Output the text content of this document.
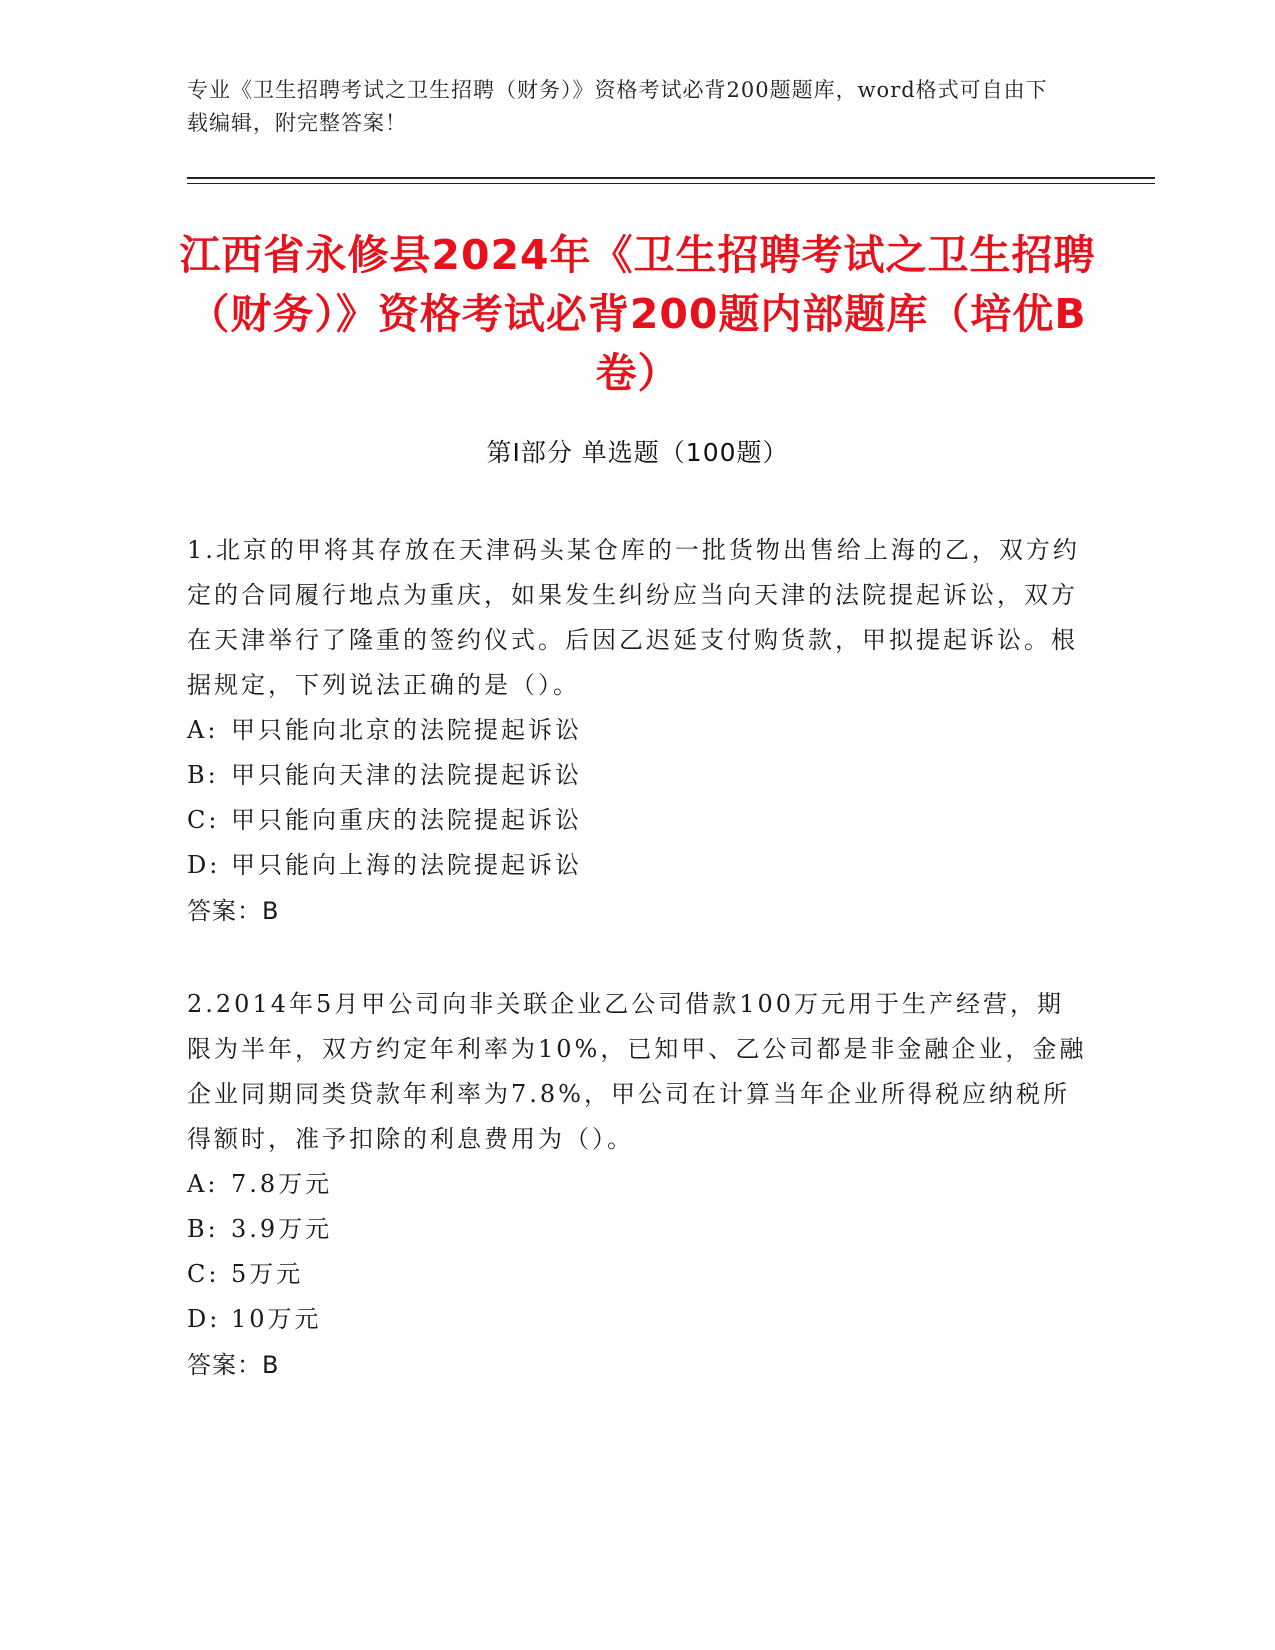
专业《卫生招聘考试之卫生招聘（财务）》资格考试必背200题题库，word格式可自由下载编辑，附完整答案！
江西省永修县2024年《卫生招聘考试之卫生招聘（财务）》资格考试必背200题内部题库（培优B卷）
第Ⅰ部分 单选题（100题）

1.北京的甲将其存放在天津码头某仓库的一批货物出售给上海的乙，双方约定的合同履行地点为重庆，如果发生纠纷应当向天津的法院提起诉讼，双方在天津举行了隆重的签约仪式。后因乙迟延支付购货款，甲拟提起诉讼。根据规定，下列说法正确的是（）。

A: 甲只能向北京的法院提起诉讼

B: 甲只能向天津的法院提起诉讼

C: 甲只能向重庆的法院提起诉讼

D: 甲只能向上海的法院提起诉讼

答案：B

2.2014年5月甲公司向非关联企业乙公司借款100万元用于生产经营，期限为半年，双方约定年利率为10%，已知甲、乙公司都是非金融企业，金融企业同期同类贷款年利率为7.8%，甲公司在计算当年企业所得税应纳税所得额时，准予扣除的利息费用为（）。

A: 7.8万元

B: 3.9万元

C: 5万元

D: 10万元

答案：B
